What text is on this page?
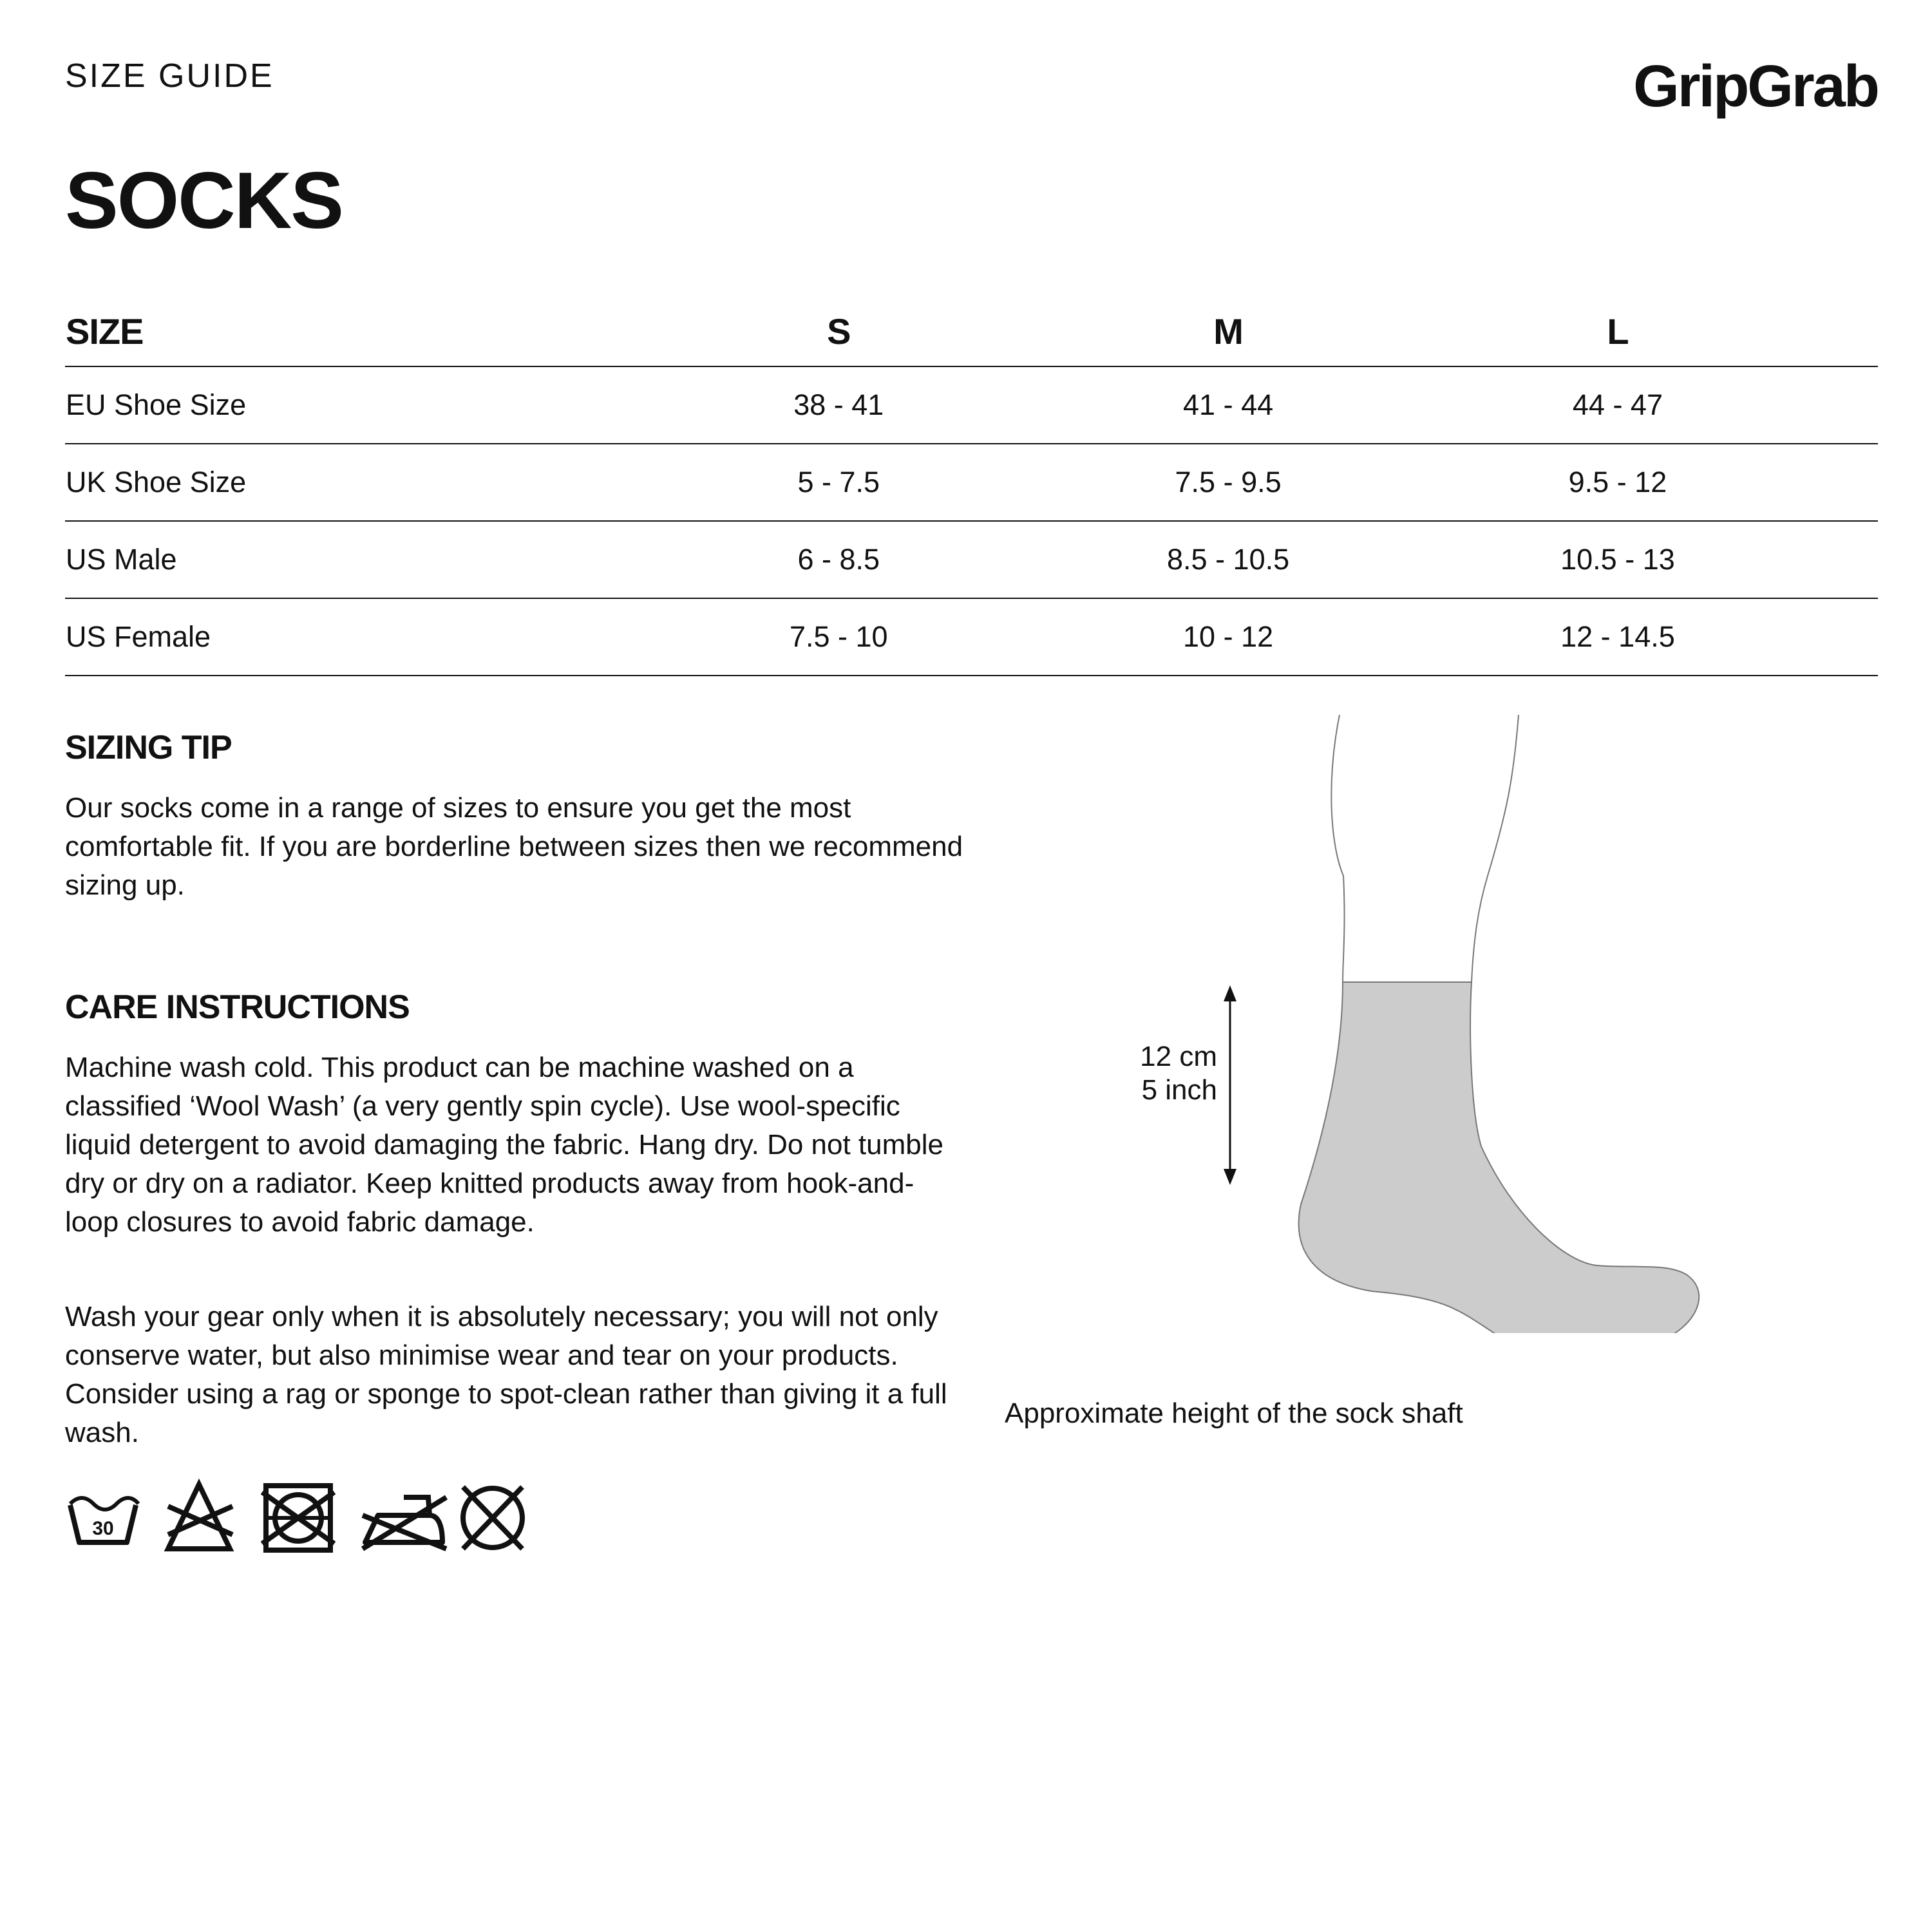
SIZE GUIDE	GripGrab
SOCKS
SIZE	S	M	L	
EU Shoe Size	38 - 41	41 - 44	44 - 47	
UK Shoe Size	5 - 7.5	7.5 - 9.5	9.5 - 12	
US Male	6 - 8.5	8.5 - 10.5	10.5 - 13	
US Female	7.5 - 10	10 - 12	12 - 14.5	
SIZING TIP
Our socks come in a range of sizes to ensure you get the most comfortable fit. If you are borderline between sizes then we recommend sizing up.
CARE INSTRUCTIONS
Machine wash cold. This product can be machine washed on a classified ‘Wool Wash’ (a very gently spin cycle). Use wool-specific liquid detergent to avoid damaging the fabric. Hang dry. Do not tumble dry or dry on a radiator. Keep knitted products away from hook-and-loop closures to avoid fabric damage.
Wash your gear only when it is absolutely necessary; you will not only conserve water, but also minimise wear and tear on your products. Consider using a rag or sponge to spot-clean rather than giving it a full wash.
30
12 cm
5 inch
Approximate height of the sock shaft
